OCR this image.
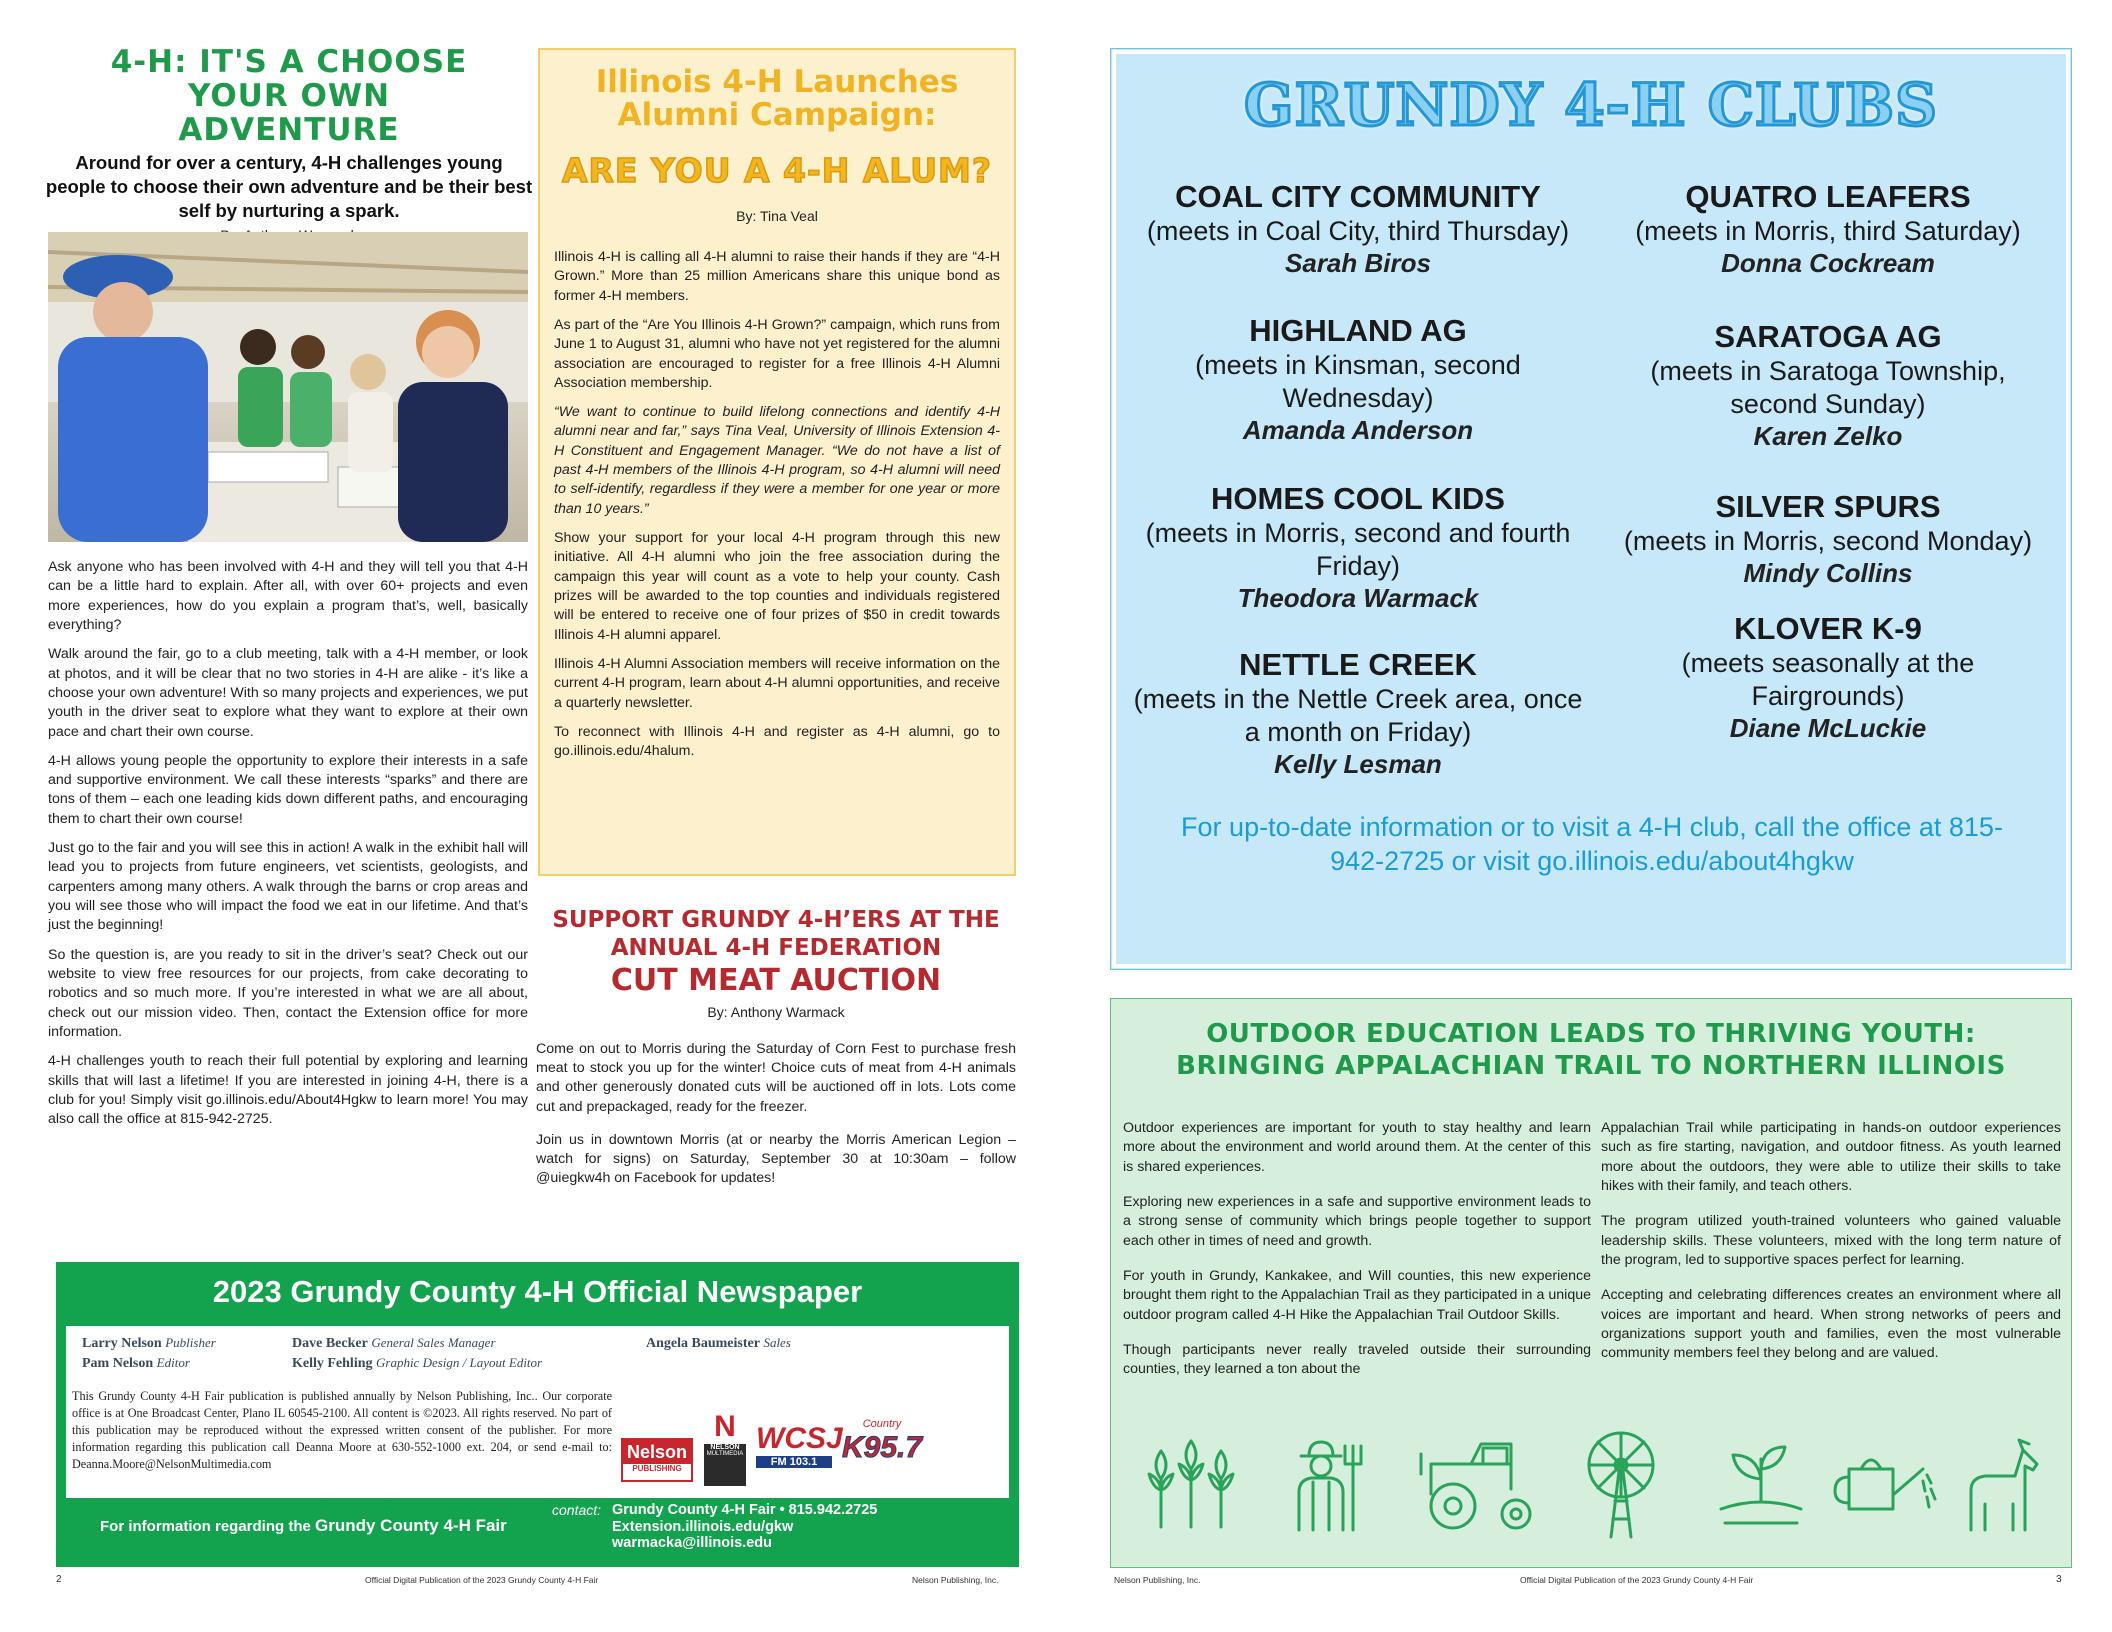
4-H: IT'S A CHOOSE YOUR OWN ADVENTURE
Around for over a century, 4-H challenges young people to choose their own adventure and be their best self by nurturing a spark.

Ask anyone who has been involved with 4-H and they will tell you that 4-H can be a little hard to explain. After all, with over 60+ projects and even more experiences, how do you explain a program that’s, well, basically everything?

Walk around the fair, go to a club meeting, talk with a 4-H member, or look at photos, and it will be clear that no two stories in 4-H are alike - it’s like a choose your own adventure! With so many projects and experiences, we put youth in the driver seat to explore what they want to explore at their own pace and chart their own course.

4-H allows young people the opportunity to explore their interests in a safe and supportive environment. We call these interests “sparks” and there are tons of them – each one leading kids down different paths, and encouraging them to chart their own course!

Just go to the fair and you will see this in action! A walk in the exhibit hall will lead you to projects from future engineers, vet scientists, geologists, and carpenters among many others. A walk through the barns or crop areas and you will see those who will impact the food we eat in our lifetime. And that’s just the beginning!

So the question is, are you ready to sit in the driver’s seat? Check out our website to view free resources for our projects, from cake decorating to robotics and so much more. If you’re interested in what we are all about, check out our mission video. Then, contact the Extension office for more information.

4-H challenges youth to reach their full potential by exploring and learning skills that will last a lifetime! If you are interested in joining 4-H, there is a club for you! Simply visit go.illinois.edu/About4Hgkw to learn more! You may also call the office at 815-942-2725.

Illinois 4-H Launches
Alumni Campaign:
ARE YOU A 4-H ALUM?
By: Tina Veal

Illinois 4-H is calling all 4-H alumni to raise their hands if they are “4-H Grown.” More than 25 million Americans share this unique bond as former 4-H members.

As part of the “Are You Illinois 4-H Grown?” campaign, which runs from June 1 to August 31, alumni who have not yet registered for the alumni association are encouraged to register for a free Illinois 4-H Alumni Association membership.

“We want to continue to build lifelong connections and identify 4-H alumni near and far,” says Tina Veal, University of Illinois Extension 4-H Constituent and Engagement Manager. “We do not have a list of past 4-H members of the Illinois 4-H program, so 4-H alumni will need to self-identify, regardless if they were a member for one year or more than 10 years.”

Show your support for your local 4-H program through this new initiative. All 4-H alumni who join the free association during the campaign this year will count as a vote to help your county. Cash prizes will be awarded to the top counties and individuals registered will be entered to receive one of four prizes of $50 in credit towards Illinois 4-H alumni apparel.

Illinois 4-H Alumni Association members will receive information on the current 4-H program, learn about 4-H alumni opportunities, and receive a quarterly newsletter.

To reconnect with Illinois 4-H and register as 4-H alumni, go to go.illinois.edu/4halum.

SUPPORT GRUNDY 4-H’ERS AT THE
ANNUAL 4-H FEDERATION
CUT MEAT AUCTION
By: Anthony Warmack

Come on out to Morris during the Saturday of Corn Fest to purchase fresh meat to stock you up for the winter! Choice cuts of meat from 4-H animals and other generously donated cuts will be auctioned off in lots. Lots come cut and prepackaged, ready for the freezer.

Join us in downtown Morris (at or nearby the Morris American Legion – watch for signs) on Saturday, September 30 at 10:30am – follow @uiegkw4h on Facebook for updates!

2023 Grundy County 4-H Official Newspaper
Larry Nelson Publisher
Pam Nelson Editor
Dave Becker General Sales Manager
Kelly Fehling Graphic Design / Layout Editor
Angela Baumeister Sales
This Grundy County 4-H Fair publication is published annually by Nelson Publishing, Inc.. Our corporate office is at One Broadcast Center, Plano IL 60545-2100. All content is ©2023. All rights reserved. No part of this publication may be reproduced without the expressed written consent of the publisher. For more information regarding this publication call Deanna Moore at 630-552-1000 ext. 204, or send e-mail to: Deanna.Moore@NelsonMultimedia.com
Nelson
PUBLISHING
N
NELSON
MULTIMEDIA WCSJ
FM 103.1
Country
K95.7
For information regarding the Grundy County 4-H Fair
contact: Grundy County 4-H Fair • 815.942.2725
Extension.illinois.edu/gkw
warmacka@illinois.edu
2	Official Digital Publication of the 2023 Grundy County 4-H Fair	Nelson Publishing, Inc.
GRUNDY 4-H CLUBS
COAL CITY COMMUNITY
(meets in Coal City, third Thursday)
Sarah Biros
HIGHLAND AG
(meets in Kinsman, second Wednesday)
Amanda Anderson
HOMES COOL KIDS
(meets in Morris, second and fourth Friday)
Theodora Warmack
NETTLE CREEK
(meets in the Nettle Creek area, once a month on Friday)
Kelly Lesman
QUATRO LEAFERS
(meets in Morris, third Saturday)
Donna Cockream
SARATOGA AG
(meets in Saratoga Township, second Sunday)
Karen Zelko
SILVER SPURS
(meets in Morris, second Monday)
Mindy Collins
KLOVER K-9
(meets seasonally at the Fairgrounds)
Diane McLuckie
For up-to-date information or to visit a 4-H club, call the office at 815-942-2725 or visit go.illinois.edu/about4hgkw
OUTDOOR EDUCATION LEADS TO THRIVING YOUTH:
BRINGING APPALACHIAN TRAIL TO NORTHERN ILLINOIS

Outdoor experiences are important for youth to stay healthy and learn more about the environment and world around them. At the center of this is shared experiences.

Exploring new experiences in a safe and supportive environment leads to a strong sense of community which brings people together to support each other in times of need and growth.

For youth in Grundy, Kankakee, and Will counties, this new experience brought them right to the Appalachian Trail as they participated in a unique outdoor program called 4-H Hike the Appalachian Trail Outdoor Skills.

Though participants never really traveled outside their surrounding counties, they learned a ton about the

Appalachian Trail while participating in hands-on outdoor experiences such as fire starting, navigation, and outdoor fitness. As youth learned more about the outdoors, they were able to utilize their skills to take hikes with their family, and teach others.

The program utilized youth-trained volunteers who gained valuable leadership skills. These volunteers, mixed with the long term nature of the program, led to supportive spaces perfect for learning.

Accepting and celebrating differences creates an environment where all voices are important and heard. When strong networks of peers and organizations support youth and families, even the most vulnerable community members feel they belong and are valued.

Nelson Publishing, Inc.	Official Digital Publication of the 2023 Grundy County 4-H Fair	3
